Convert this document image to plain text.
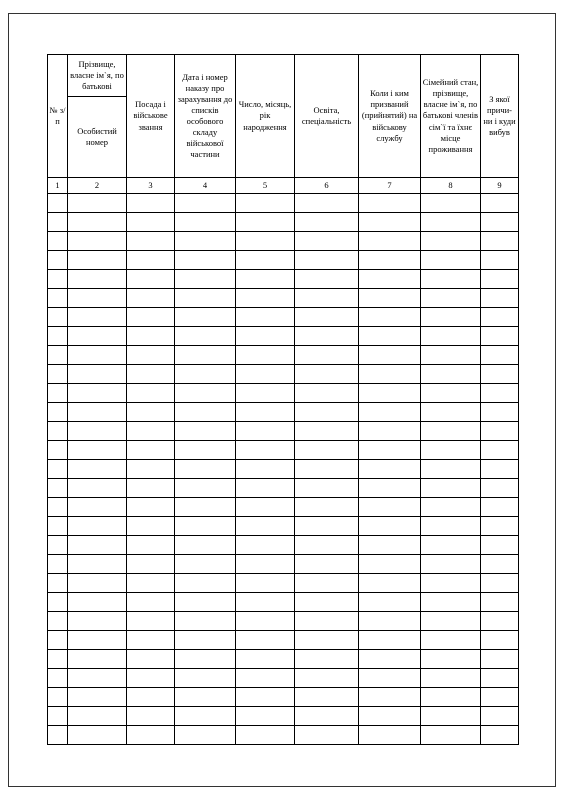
№ з/п	Прізвище, власне ім`я, по батькові	Посада і військове звання	Дата і номер наказу про зарахування до списків особового складу військової частини	Число, місяць, рік народження	Освіта, спеціальність	Коли і ким призваний (прийнятий) на військову службу	Сімейний стан, прізвище, власне ім`я, по батькові членів сім`ї та їхнє місце проживання	З якої причи- ни і куди вибув
	Особистий номер							
1	2	3	4	5	6	7	8	9
